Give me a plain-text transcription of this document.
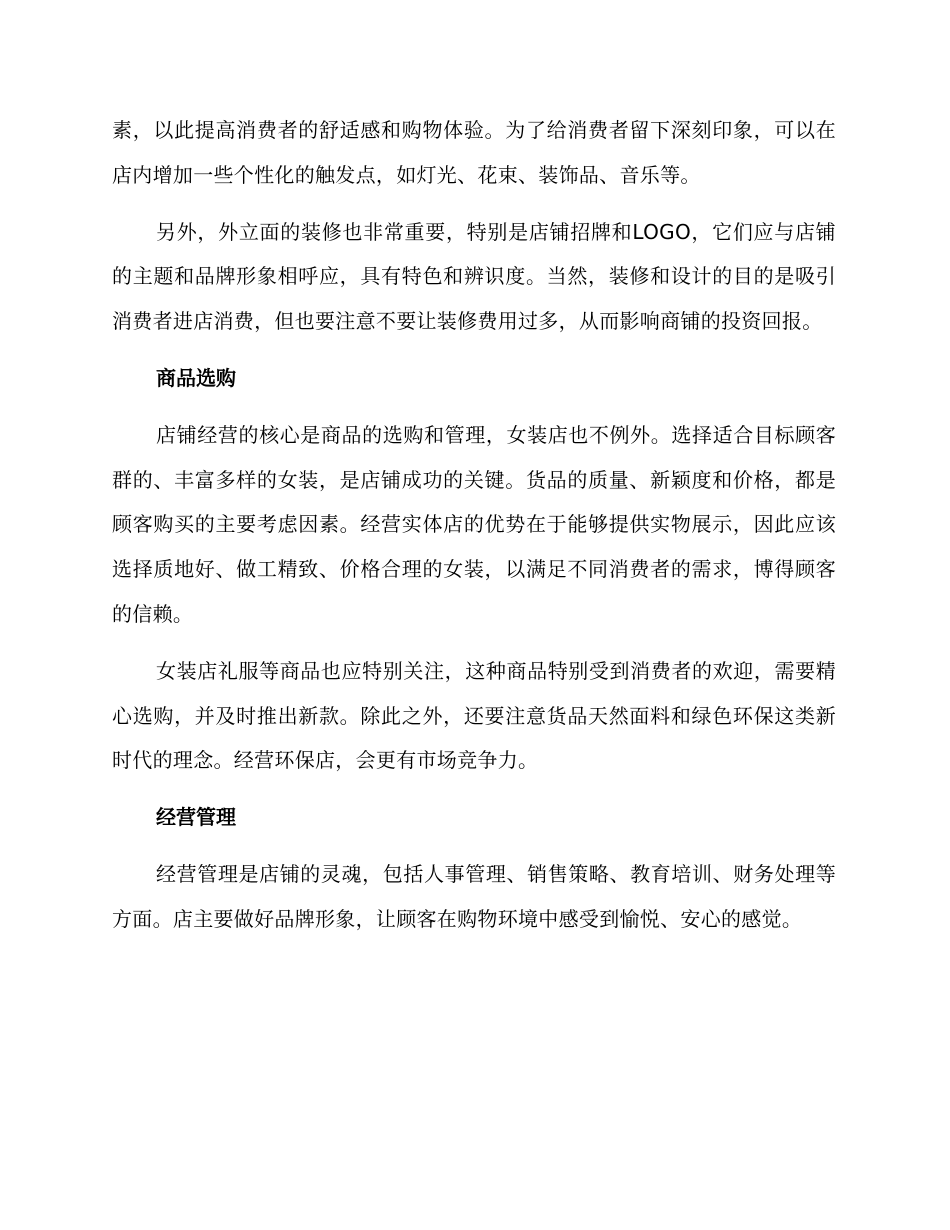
素，以此提高消费者的舒适感和购物体验。为了给消费者留下深刻印象，可以在店内增加一些个性化的触发点，如灯光、花束、装饰品、音乐等。

另外，外立面的装修也非常重要，特别是店铺招牌和LOGO，它们应与店铺的主题和品牌形象相呼应，具有特色和辨识度。当然，装修和设计的目的是吸引消费者进店消费，但也要注意不要让装修费用过多，从而影响商铺的投资回报。

商品选购

店铺经营的核心是商品的选购和管理，女装店也不例外。选择适合目标顾客群的、丰富多样的女装，是店铺成功的关键。货品的质量、新颖度和价格，都是顾客购买的主要考虑因素。经营实体店的优势在于能够提供实物展示，因此应该选择质地好、做工精致、价格合理的女装，以满足不同消费者的需求，博得顾客的信赖。

女装店礼服等商品也应特别关注，这种商品特别受到消费者的欢迎，需要精心选购，并及时推出新款。除此之外，还要注意货品天然面料和绿色环保这类新时代的理念。经营环保店，会更有市场竞争力。

经营管理

经营管理是店铺的灵魂，包括人事管理、销售策略、教育培训、财务处理等方面。店主要做好品牌形象，让顾客在购物环境中感受到愉悦、安心的感觉。
